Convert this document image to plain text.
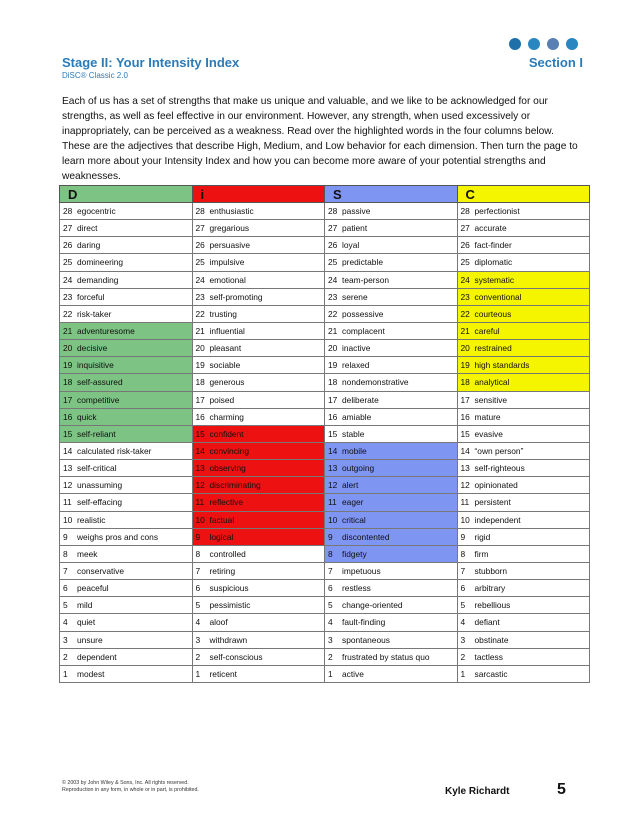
Stage II: Your Intensity Index	Section I
DiSC® Classic 2.0

Each of us has a set of strengths that make us unique and valuable, and we like to be acknowledged for our strengths, as well as feel effective in our environment. However, any strength, when used excessively or inappropriately, can be perceived as a weakness. Read over the highlighted words in the four columns below. These are the adjectives that describe High, Medium, and Low behavior for each dimension. Then turn the page to learn more about your Intensity Index and how you can become more aware of your potential strengths and weaknesses.

D	i	S	C
28 egocentric	28 enthusiastic	28 passive	28 perfectionist
27 direct	27 gregarious	27 patient	27 accurate
26 daring	26 persuasive	26 loyal	26 fact-finder
25 domineering	25 impulsive	25 predictable	25 diplomatic
24 demanding	24 emotional	24 team-person	24 systematic
23 forceful	23 self-promoting	23 serene	23 conventional
22 risk-taker	22 trusting	22 possessive	22 courteous
21 adventuresome	21 influential	21 complacent	21 careful
20 decisive	20 pleasant	20 inactive	20 restrained
19 inquisitive	19 sociable	19 relaxed	19 high standards
18 self-assured	18 generous	18 nondemonstrative	18 analytical
17 competitive	17 poised	17 deliberate	17 sensitive
16 quick	16 charming	16 amiable	16 mature
15 self-reliant	15 confident	15 stable	15 evasive
14 calculated risk-taker	14 convincing	14 mobile	14 “own person”
13 self-critical	13 observing	13 outgoing	13 self-righteous
12 unassuming	12 discriminating	12 alert	12 opinionated
11 self-effacing	11 reflective	11 eager	11 persistent
10 realistic	10 factual	10 critical	10 independent
9 weighs pros and cons	9 logical	9 discontented	9 rigid
8 meek	8 controlled	8 fidgety	8 firm
7 conservative	7 retiring	7 impetuous	7 stubborn
6 peaceful	6 suspicious	6 restless	6 arbitrary
5 mild	5 pessimistic	5 change-oriented	5 rebellious
4 quiet	4 aloof	4 fault-finding	4 defiant
3 unsure	3 withdrawn	3 spontaneous	3 obstinate
2 dependent	2 self-conscious	2 frustrated by status quo	2 tactless
1 modest	1 reticent	1 active	1 sarcastic
© 2003 by John Wiley & Sons, Inc. All rights reserved.
Reproduction in any form, in whole or in part, is prohibited.	Kyle Richardt	5
